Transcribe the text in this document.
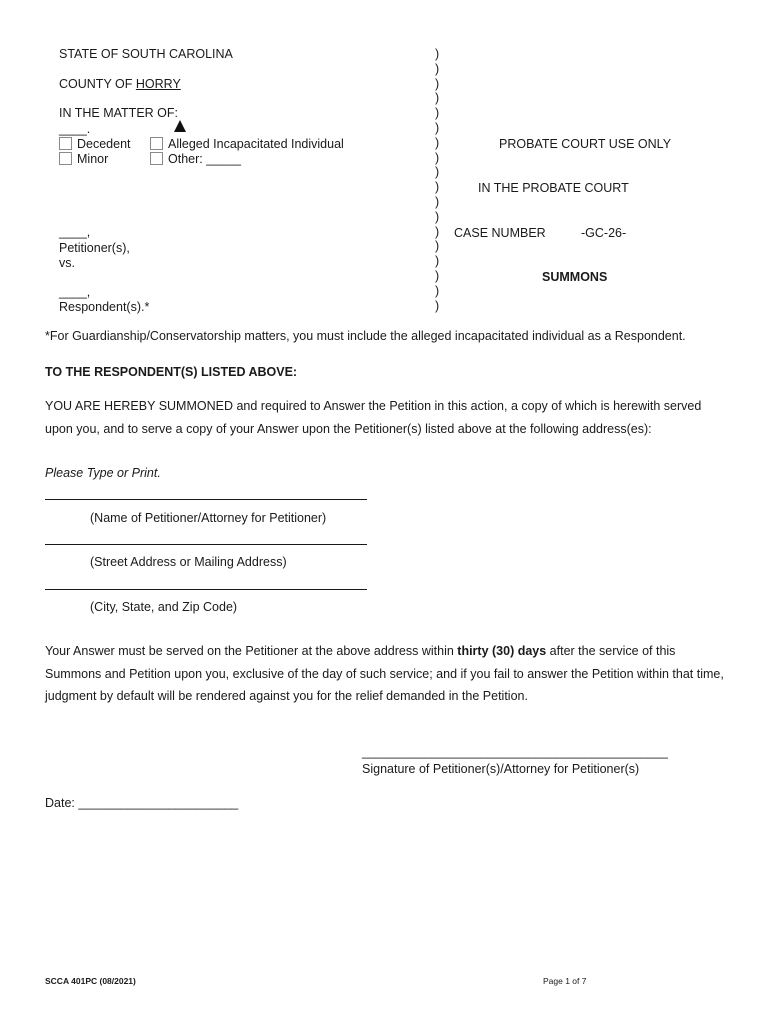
STATE OF SOUTH CAROLINA
COUNTY OF HORRY
IN THE MATTER OF:
____.
Decedent
Minor
Alleged Incapacitated Individual
Other: _____
____,
Petitioner(s),
vs.
____,
Respondent(s).*
)
)
)
)
)
)
)
)
)
)
)
)
)
)
)
)
)
)
PROBATE COURT USE ONLY
IN THE PROBATE COURT
CASE NUMBER	-GC-26-
SUMMONS
*For Guardianship/Conservatorship matters, you must include the alleged incapacitated individual as a Respondent.
TO THE RESPONDENT(S) LISTED ABOVE:
YOU ARE HEREBY SUMMONED and required to Answer the Petition in this action, a copy of which is herewith served upon you, and to serve a copy of your Answer upon the Petitioner(s) listed above at the following address(es):
Please Type or Print.
(Name of Petitioner/Attorney for Petitioner)
(Street Address or Mailing Address)
(City, State, and Zip Code)
Your Answer must be served on the Petitioner at the above address within thirty (30) days after the service of this Summons and Petition upon you, exclusive of the day of such service; and if you fail to answer the Petition within that time, judgment by default will be rendered against you for the relief demanded in the Petition.
____________________________________________
Signature of Petitioner(s)/Attorney for Petitioner(s)
Date: _______________________
SCCA 401PC (08/2021)	Page 1 of 7
